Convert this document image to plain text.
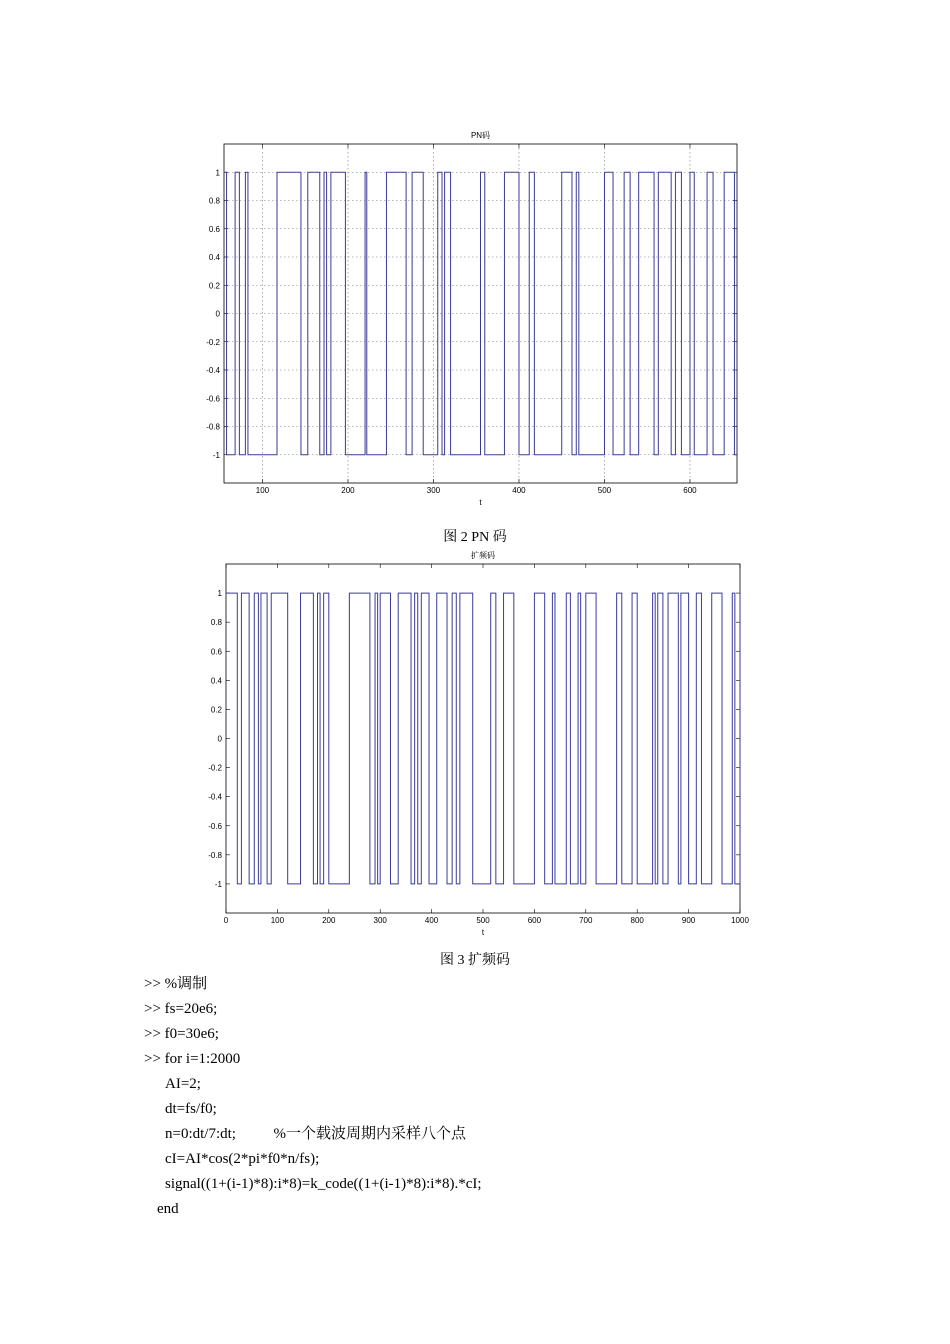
100	200	300	400	500	600
1
0.8
0.6
0.4
0.2
0
-0.2
-0.4
-0.6
-0.8
-1
PN码
t
0	100	200	300	400	500	600	700	800	900	1000
1
0.8
0.6
0.4
0.2
0
-0.2
-0.4
-0.6
-0.8
-1
扩频码
t
图 2 PN 码
图 3 扩频码
>> %调制
>> fs=20e6;
>> f0=30e6;
>> for i=1:2000
AI=2;
dt=fs/f0;
n=0:dt/7:dt;          %一个载波周期内采样八个点
cI=AI*cos(2*pi*f0*n/fs);
signal((1+(i-1)*8):i*8)=k_code((1+(i-1)*8):i*8).*cI;
end
